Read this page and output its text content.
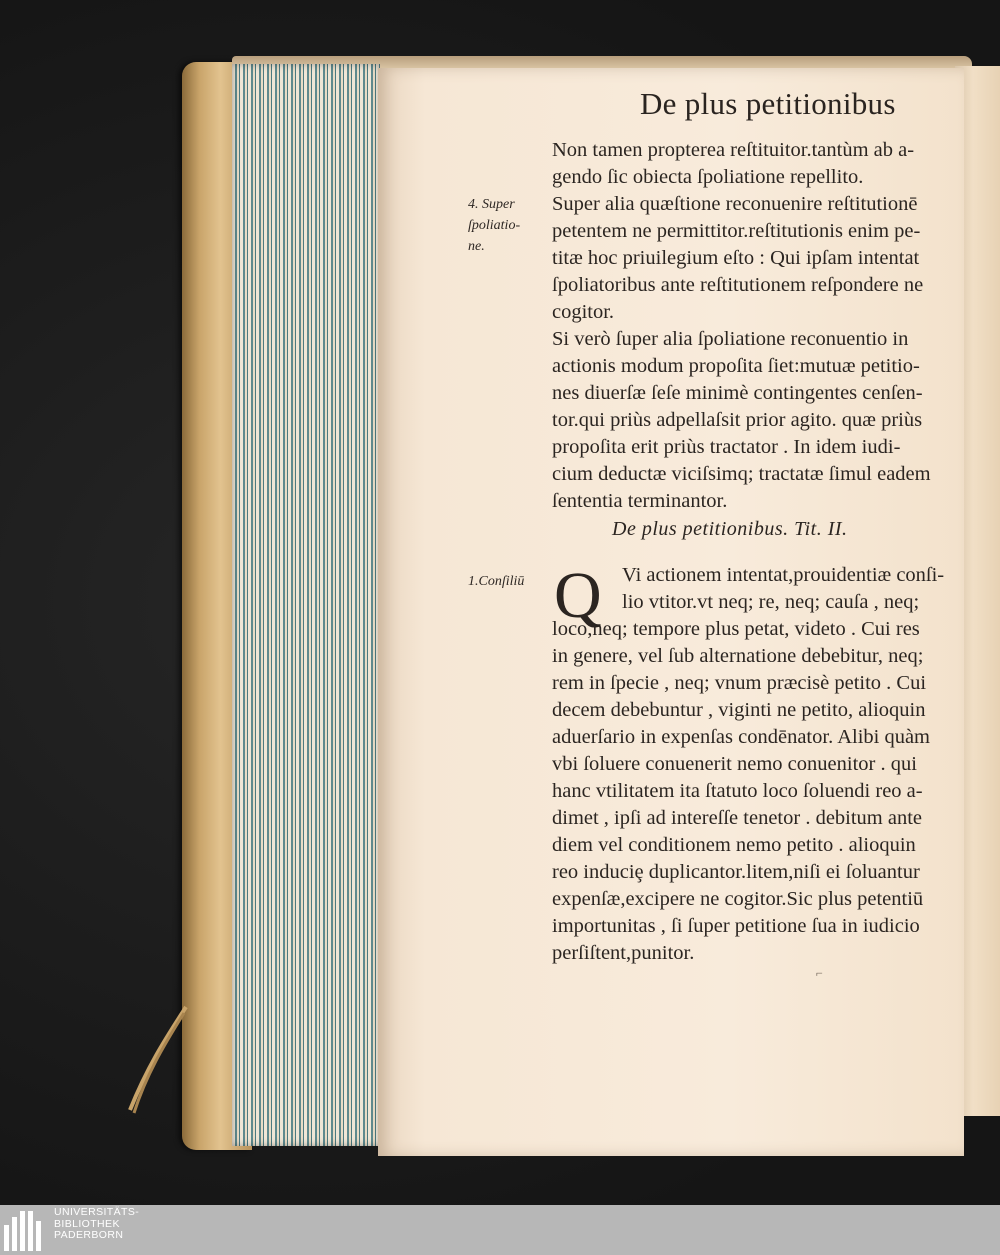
De plus petitionibus
Non tamen propterea reſtituitor.tantùm ab a-
gendo ſic obiecta ſpoliatione repellito.
Super alia quæſtione reconuenire reſtitutionē
petentem ne permittitor.reſtitutionis enim pe-
titæ hoc priuilegium eſto : Qui ipſam intentat
ſpoliatoribus ante reſtitutionem reſpondere ne
cogitor.
Si verò ſuper alia ſpoliatione reconuentio in
actionis modum propoſita ſiet:mutuæ petitio-
nes diuerſæ ſeſe minimè contingentes cenſen-
tor.qui priùs adpellaſsit prior agito. quæ priùs
propoſita erit priùs tractator . In idem iudi-
cium deductæ viciſsimq; tractatæ ſimul eadem
ſententia terminantor.
4. Super
ſpoliatio-
ne.
De plus petitionibus. Tit. II.
1.Conſiliū Q Vi actionem intentat,prouidentiæ conſi-
lio vtitor.vt neq; re, neq; cauſa , neq;
loco,neq; tempore plus petat, videto . Cui res
in genere, vel ſub alternatione debebitur, neq;
rem in ſpecie , neq; vnum præcisè petito . Cui
decem debebuntur , viginti ne petito, alioquin
aduerſario in expenſas condēnator. Alibi quàm
vbi ſoluere conuenerit nemo conuenitor . qui
hanc vtilitatem ita ſtatuto loco ſoluendi reo a-
dimet , ipſi ad intereſſe tenetor . debitum ante
diem vel conditionem nemo petito . alioquin
reo induciȩ duplicantor.litem,niſi ei ſoluantur
expenſæ,excipere ne cogitor.Sic plus petentiū
importunitas , ſi ſuper petitione ſua in iudicio
perſiſtent,punitor.
⌐
UNIVERSITÄTS-
BIBLIOTHEK
PADERBORN
